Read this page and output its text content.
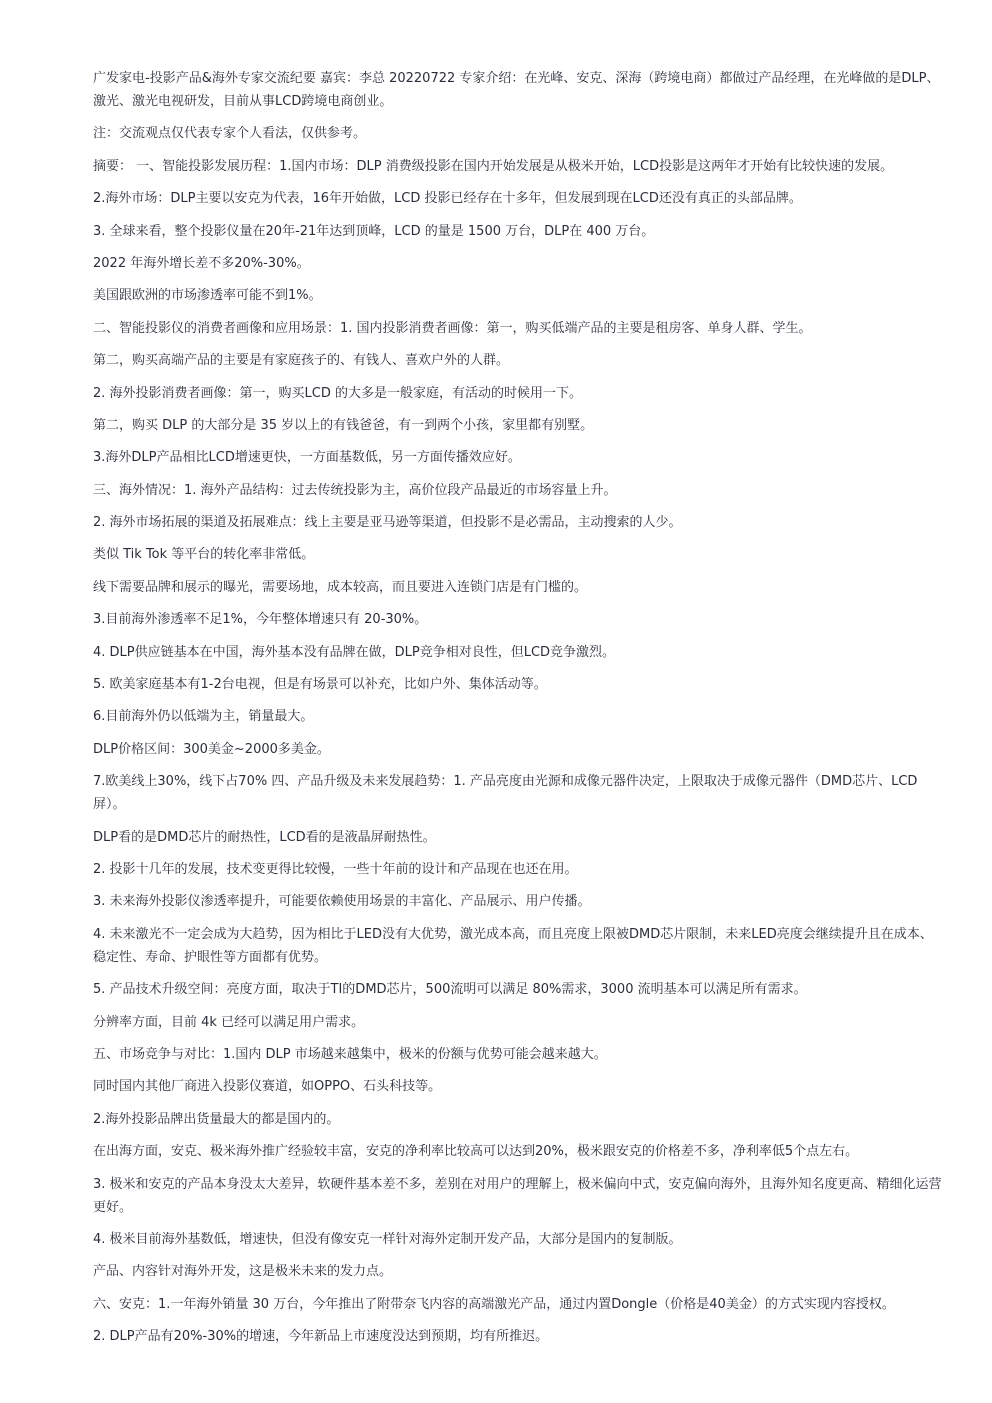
广发家电-投影产品&海外专家交流纪要 嘉宾：李总 20220722 专家介绍：在光峰、安克、深海（跨境电商）都做过产品经理，在光峰做的是DLP、激光、激光电视研发，目前从事LCD跨境电商创业。

注：交流观点仅代表专家个人看法，仅供参考。

摘要： 一、智能投影发展历程：1.国内市场：DLP 消费级投影在国内开始发展是从极米开始，LCD投影是这两年才开始有比较快速的发展。

2.海外市场：DLP主要以安克为代表，16年开始做，LCD 投影已经存在十多年，但发展到现在LCD还没有真正的头部品牌。

3. 全球来看，整个投影仪量在20年-21年达到顶峰，LCD 的量是 1500 万台，DLP在 400 万台。

2022 年海外增长差不多20%-30%。

美国跟欧洲的市场渗透率可能不到1%。

二、智能投影仪的消费者画像和应用场景：1. 国内投影消费者画像：第一，购买低端产品的主要是租房客、单身人群、学生。

第二，购买高端产品的主要是有家庭孩子的、有钱人、喜欢户外的人群。

2. 海外投影消费者画像：第一，购买LCD 的大多是一般家庭，有活动的时候用一下。

第二，购买 DLP 的大部分是 35 岁以上的有钱爸爸，有一到两个小孩，家里都有别墅。

3.海外DLP产品相比LCD增速更快，一方面基数低，另一方面传播效应好。

三、海外情况：1. 海外产品结构：过去传统投影为主，高价位段产品最近的市场容量上升。

2. 海外市场拓展的渠道及拓展难点：线上主要是亚马逊等渠道，但投影不是必需品，主动搜索的人少。

类似 Tik Tok 等平台的转化率非常低。

线下需要品牌和展示的曝光，需要场地，成本较高，而且要进入连锁门店是有门槛的。

3.目前海外渗透率不足1%，今年整体增速只有 20-30%。

4. DLP供应链基本在中国，海外基本没有品牌在做，DLP竞争相对良性，但LCD竞争激烈。

5. 欧美家庭基本有1-2台电视，但是有场景可以补充，比如户外、集体活动等。

6.目前海外仍以低端为主，销量最大。

DLP价格区间：300美金~2000多美金。

7.欧美线上30%，线下占70% 四、产品升级及未来发展趋势：1. 产品亮度由光源和成像元器件决定，上限取决于成像元器件（DMD芯片、LCD屏）。

DLP看的是DMD芯片的耐热性，LCD看的是液晶屏耐热性。

2. 投影十几年的发展，技术变更得比较慢，一些十年前的设计和产品现在也还在用。

3. 未来海外投影仪渗透率提升，可能要依赖使用场景的丰富化、产品展示、用户传播。

4. 未来激光不一定会成为大趋势，因为相比于LED没有大优势，激光成本高，而且亮度上限被DMD芯片限制，未来LED亮度会继续提升且在成本、稳定性、寿命、护眼性等方面都有优势。

5. 产品技术升级空间：亮度方面，取决于TI的DMD芯片，500流明可以满足 80%需求，3000 流明基本可以满足所有需求。

分辨率方面，目前 4k 已经可以满足用户需求。

五、市场竞争与对比：1.国内 DLP 市场越来越集中，极米的份额与优势可能会越来越大。

同时国内其他厂商进入投影仪赛道，如OPPO、石头科技等。

2.海外投影品牌出货量最大的都是国内的。

在出海方面，安克、极米海外推广经验较丰富，安克的净利率比较高可以达到20%，极米跟安克的价格差不多，净利率低5个点左右。

3. 极米和安克的产品本身没太大差异，软硬件基本差不多，差别在对用户的理解上，极米偏向中式，安克偏向海外，且海外知名度更高、精细化运营更好。

4. 极米目前海外基数低，增速快，但没有像安克一样针对海外定制开发产品，大部分是国内的复制版。

产品、内容针对海外开发，这是极米未来的发力点。

六、安克：1.一年海外销量 30 万台，今年推出了附带奈飞内容的高端激光产品，通过内置Dongle（价格是40美金）的方式实现内容授权。

2. DLP产品有20%-30%的增速，今年新品上市速度没达到预期，均有所推迟。
